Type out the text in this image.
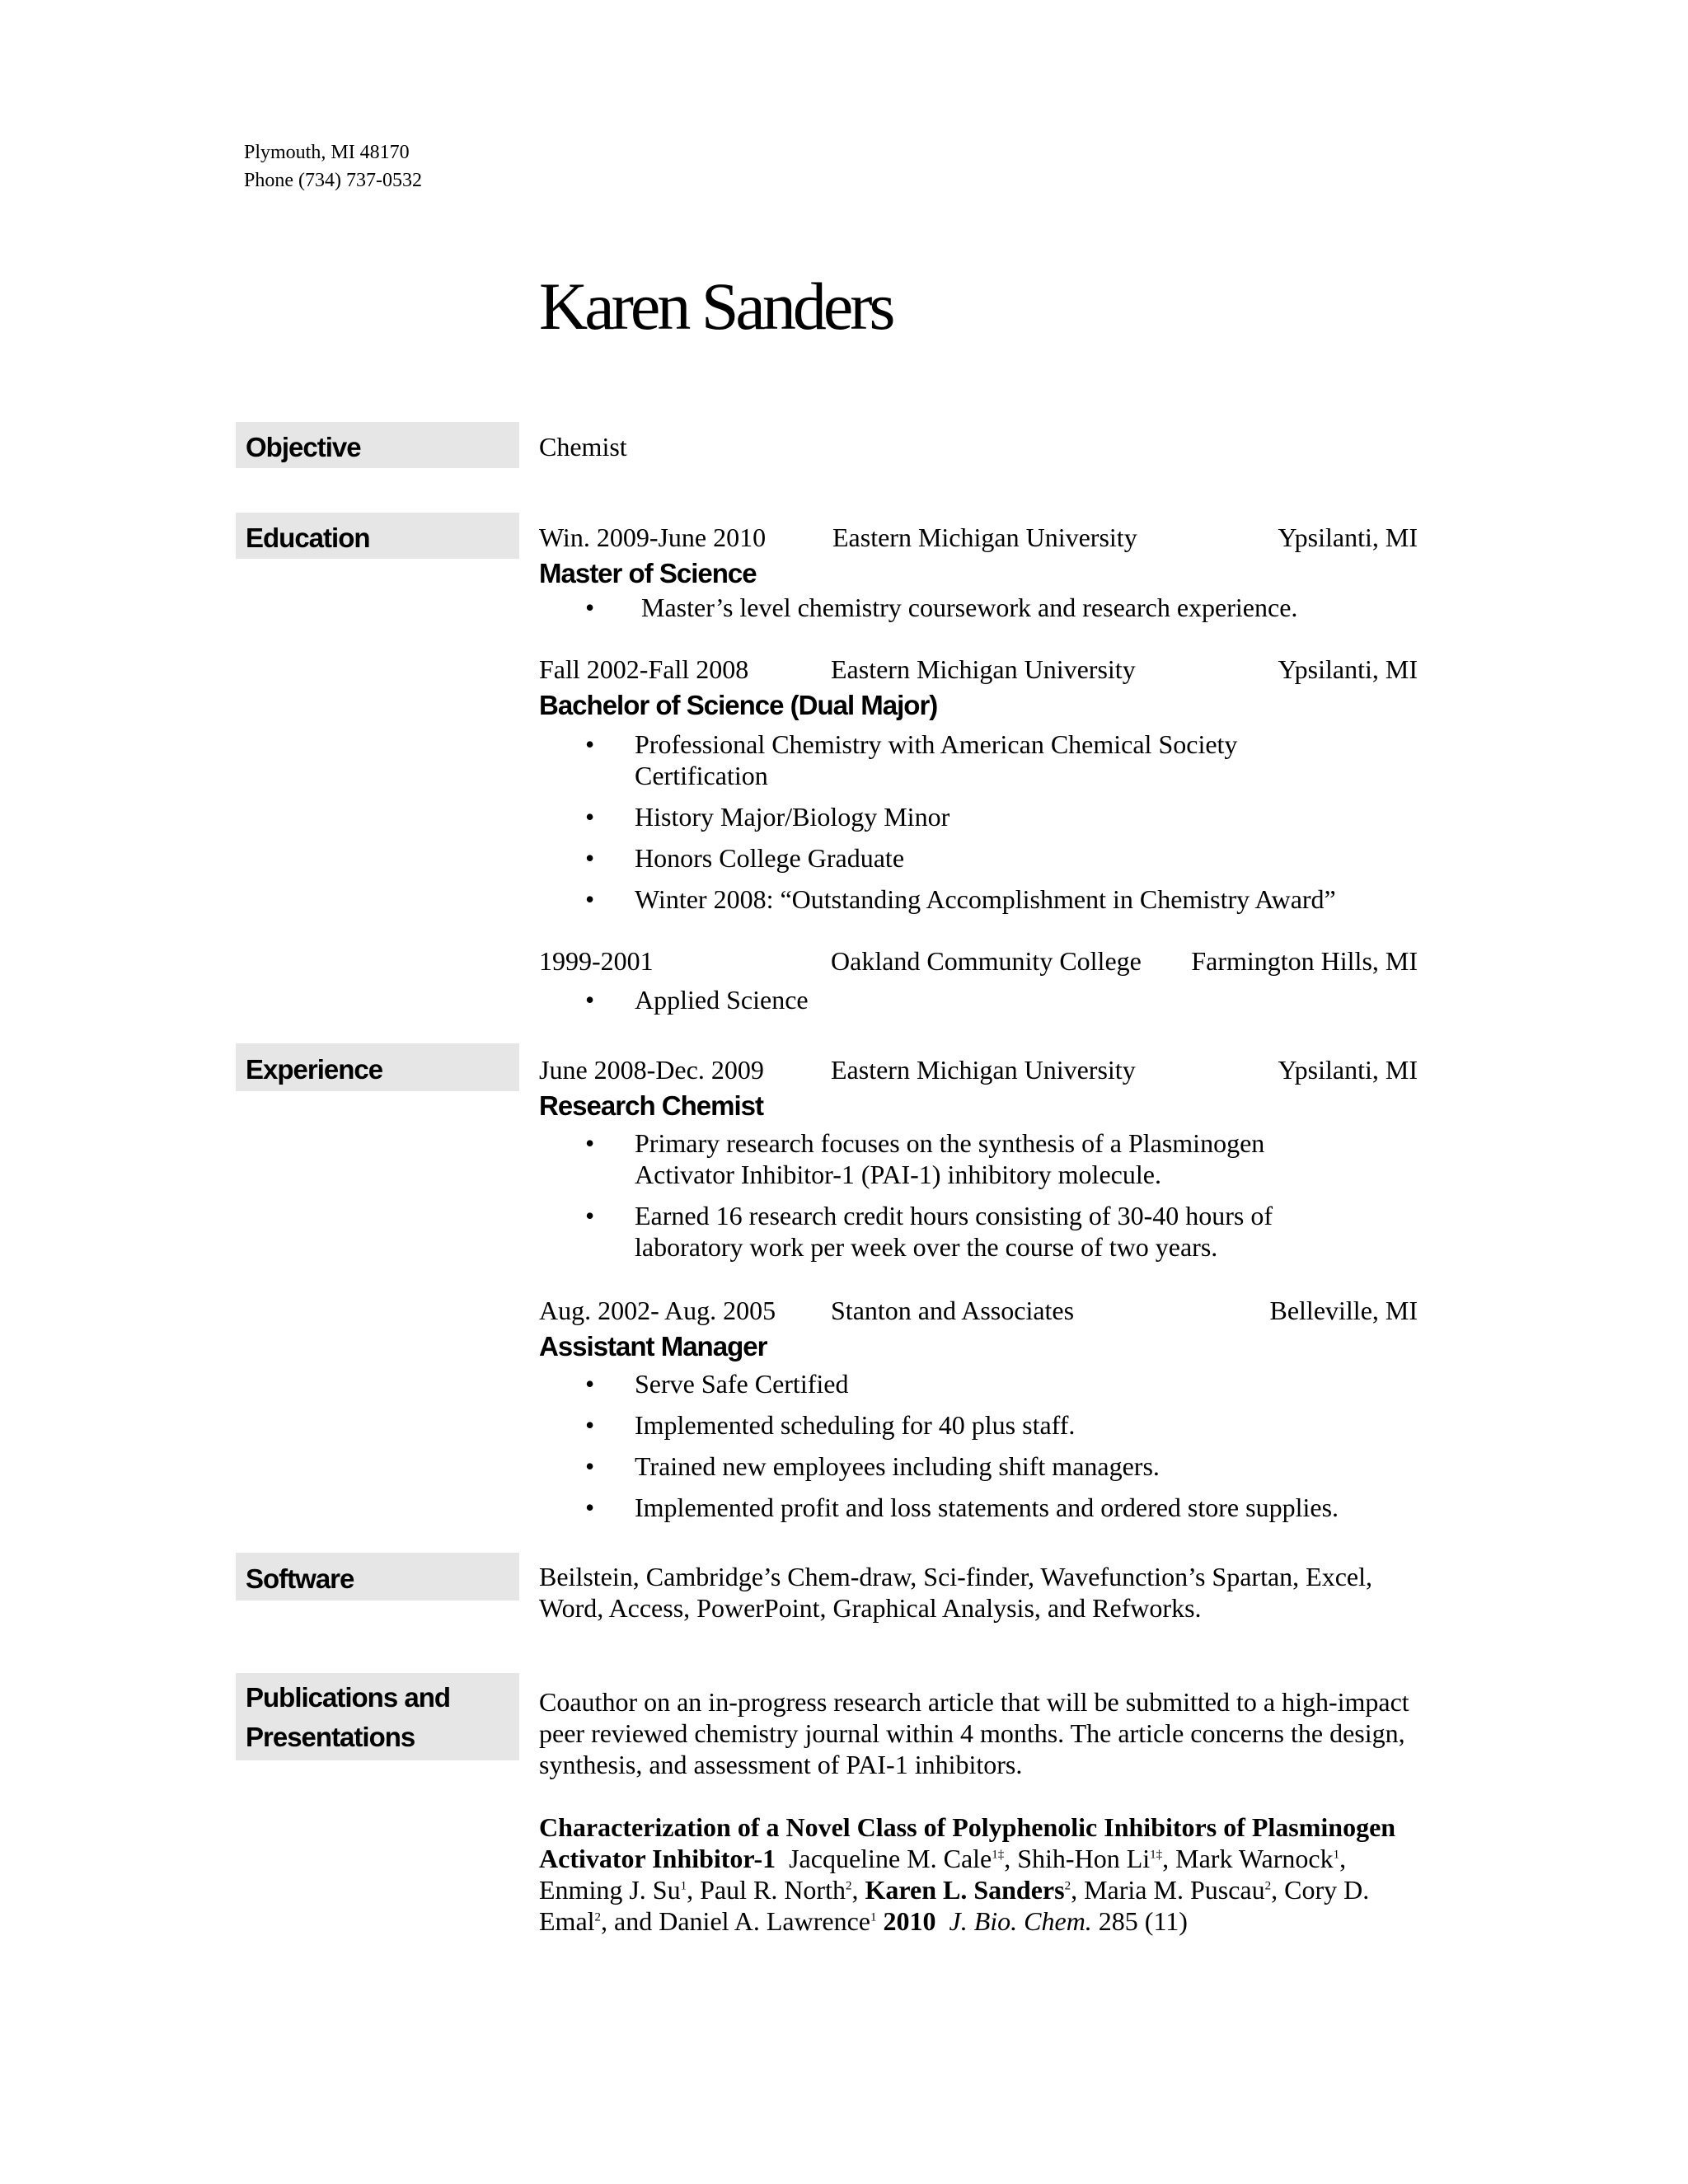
Plymouth, MI 48170
Phone (734) 737-0532
Karen Sanders
Objective	Chemist
Education	Win. 2009-June 2010	Eastern Michigan University	Ypsilanti, MI
Master of Science
• Master’s level chemistry coursework and research experience.
Fall 2002-Fall 2008	Eastern Michigan University	Ypsilanti, MI
Bachelor of Science (Dual Major)
• Professional Chemistry with American Chemical Society Certification
• History Major/Biology Minor
• Honors College Graduate
• Winter 2008: “Outstanding Accomplishment in Chemistry Award”
1999-2001	Oakland Community College Farmington Hills, MI
• Applied Science
Experience	June 2008-Dec. 2009	Eastern Michigan University	Ypsilanti, MI
Research Chemist
• Primary research focuses on the synthesis of a Plasminogen Activator Inhibitor-1 (PAI-1) inhibitory molecule.
• Earned 16 research credit hours consisting of 30-40 hours of laboratory work per week over the course of two years.
Aug. 2002- Aug. 2005 Stanton and Associates	Belleville, MI
Assistant Manager
• Serve Safe Certified
• Implemented scheduling for 40 plus staff.
• Trained new employees including shift managers.
• Implemented profit and loss statements and ordered store supplies.
Software	Beilstein, Cambridge’s Chem-draw, Sci-finder, Wavefunction’s Spartan, Excel, Word, Access, PowerPoint, Graphical Analysis, and Refworks.
Publications and Presentations
Coauthor on an in-progress research article that will be submitted to a high-impact peer reviewed chemistry journal within 4 months. The article concerns the design, synthesis, and assessment of PAI-1 inhibitors.
Characterization of a Novel Class of Polyphenolic Inhibitors of Plasminogen Activator Inhibitor-1 Jacqueline M. Cale$^{1\ddagger}$, Shih-Hon $Li^{1\ddagger}$, Mark Warnock$^1$, Enming J. Su$^1$, Paul R. North$^2$, Karen L. Sanders$^2$, Maria M. Puscau$^2$, Cory D. Emal$^2$, and Daniel A. Lawrence$^1$ 2010 J. Bio. Chem. 285 (11)
